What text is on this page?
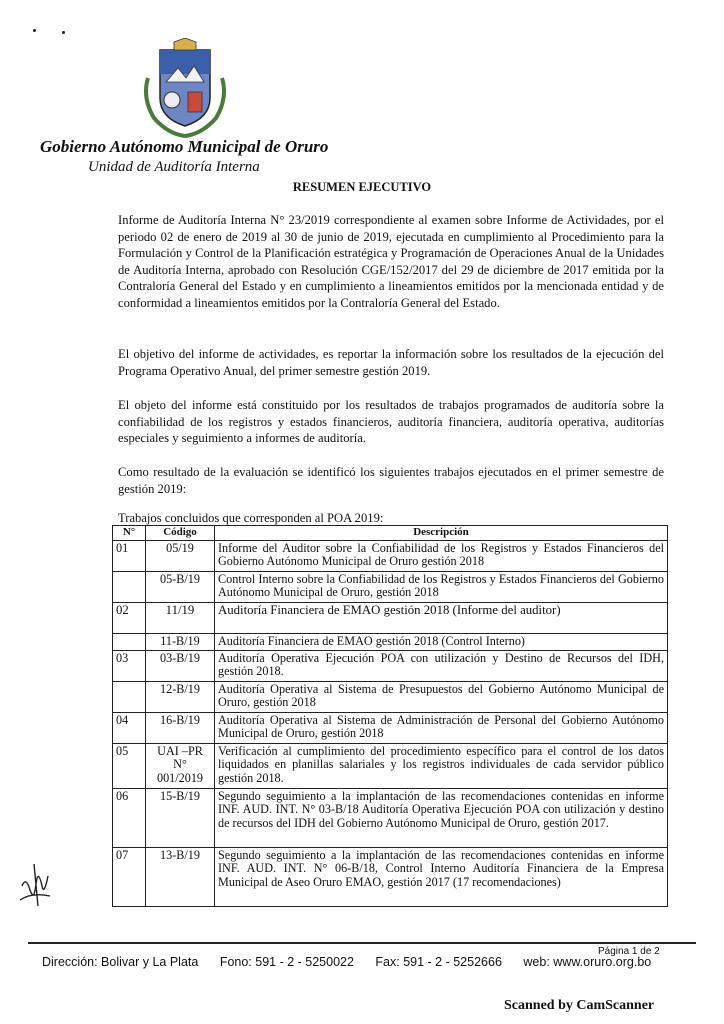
Gobierno Autónomo Municipal de Oruro
Unidad de Auditoría Interna
RESUMEN EJECUTIVO
Informe de Auditoría Interna N° 23/2019 correspondiente al examen sobre Informe de Actividades, por el periodo 02 de enero de 2019 al 30 de junio de 2019, ejecutada en cumplimiento al Procedimiento para la Formulación y Control de la Planificación estratégica y Programación de Operaciones Anual de la Unidades de Auditoría Interna, aprobado con Resolución CGE/152/2017 del 29 de diciembre de 2017 emitida por la Contraloría General del Estado y en cumplimiento a lineamientos emitidos por la mencionada entidad y de conformidad a lineamientos emitidos por la Contraloría General del Estado.
El objetivo del informe de actividades, es reportar la información sobre los resultados de la ejecución del Programa Operativo Anual, del primer semestre gestión 2019.
El objeto del informe está constituido por los resultados de trabajos programados de auditoría sobre la confiabilidad de los registros y estados financieros, auditoría financiera, auditoría operativa, auditorías especiales y seguimiento a informes de auditoría.
Como resultado de la evaluación se identificó los siguientes trabajos ejecutados en el primer semestre de gestión 2019:
Trabajos concluidos que corresponden al POA 2019:
N°	Código	Descripción
01	05/19	Informe del Auditor sobre la Confiabilidad de los Registros y Estados Financieros del Gobierno Autónomo Municipal de Oruro gestión 2018
	05-B/19	Control Interno sobre la Confiabilidad de los Registros y Estados Financieros del Gobierno Autónomo Municipal de Oruro, gestión 2018
02	11/19	Auditoría Financiera de EMAO gestión 2018 (Informe del auditor)
	11-B/19	Auditoría Financiera de EMAO gestión 2018 (Control Interno)
03	03-B/19	Auditoría Operativa Ejecución POA con utilización y Destino de Recursos del IDH, gestión 2018.
	12-B/19	Auditoría Operativa al Sistema de Presupuestos del Gobierno Autónomo Municipal de Oruro, gestión 2018
04	16-B/19	Auditoría Operativa al Sistema de Administración de Personal del Gobierno Autónomo Municipal de Oruro, gestión 2018
05	UAI –PR N° 001/2019	Verificación al cumplimiento del procedimiento específico para el control de los datos liquidados en planillas salariales y los registros individuales de cada servidor público gestión 2018.
06	15-B/19	Segundo seguimiento a la implantación de las recomendaciones contenidas en informe INF. AUD. INT. N° 03-B/18 Auditoría Operativa Ejecución POA con utilización y destino de recursos del IDH del Gobierno Autónomo Municipal de Oruro, gestión 2017.
07	13-B/19	Segundo seguimiento a la implantación de las recomendaciones contenidas en informe INF. AUD. INT. N° 06-B/18, Control Interno Auditoría Financiera de la Empresa Municipal de Aseo Oruro EMAO, gestión 2017 (17 recomendaciones)
Página 1 de 2
Dirección: Bolivar y La Plata Fono: 591 - 2 - 5250022 Fax: 591 - 2 - 5252666 web: www.oruro.org.bo
Scanned by CamScanner
